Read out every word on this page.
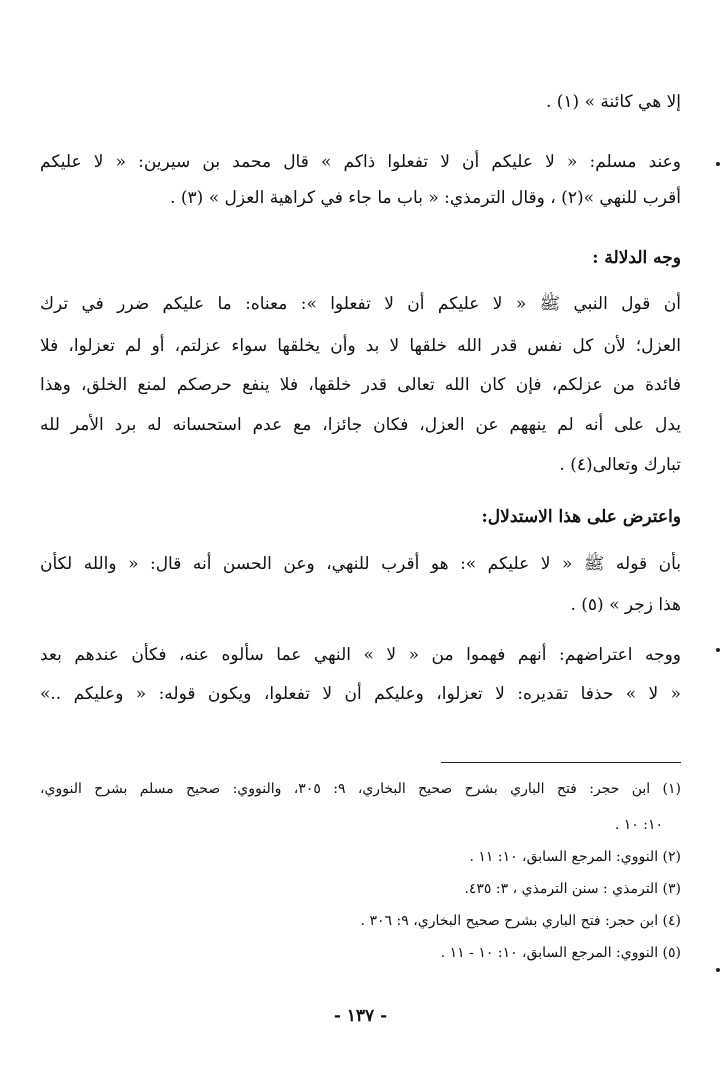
إلا هي كائنة » (١) .
وعند مسلم: « لا عليكم أن لا تفعلوا ذاكم » قال محمد بن سيرين: « لا عليكم
أقرب للنهي »(٢) ، وقال الترمذي: « باب ما جاء في كراهية العزل » (٣) .
وجه الدلالة :
أن قول النبي ﷺ « لا عليكم أن لا تفعلوا »: معناه: ما عليكم ضرر في ترك
العزل؛ لأن كل نفس قدر الله خلقها لا بد وأن يخلقها سواء عزلتم، أو لم تعزلوا، فلا
فائدة من عزلكم، فإن كان الله تعالى قدر خلقها، فلا ينفع حرصكم لمنع الخلق، وهذا
يدل على أنه لم ينههم عن العزل، فكان جائزا، مع عدم استحسانه له برد الأمر لله
تبارك وتعالى(٤) .
واعترض على هذا الاستدلال:
بأن قوله ﷺ « لا عليكم »: هو أقرب للنهي، وعن الحسن أنه قال: « والله لكأن
هذا زجر » (٥) .
ووجه اعتراضهم: أنهم فهموا من « لا » النهي عما سألوه عنه، فكأن عندهم بعد
« لا » حذفا تقديره: لا تعزلوا، وعليكم أن لا تفعلوا، ويكون قوله: « وعليكم ..»
(١) ابن حجر: فتح الباري بشرح صحيح البخاري، ٩: ٣٠٥، والنووي: صحيح مسلم بشرح النووي،
١٠: ١٠ .
(٢) النووي: المرجع السابق، ١٠: ١١ .
(٣) الترمذي : سنن الترمذي ، ٣: ٤٣٥.
(٤) ابن حجر: فتح الباري بشرح صحيح البخاري، ٩: ٣٠٦ .
(٥) النووي: المرجع السابق، ١٠: ١٠ - ١١ .
- ١٣٧ -
